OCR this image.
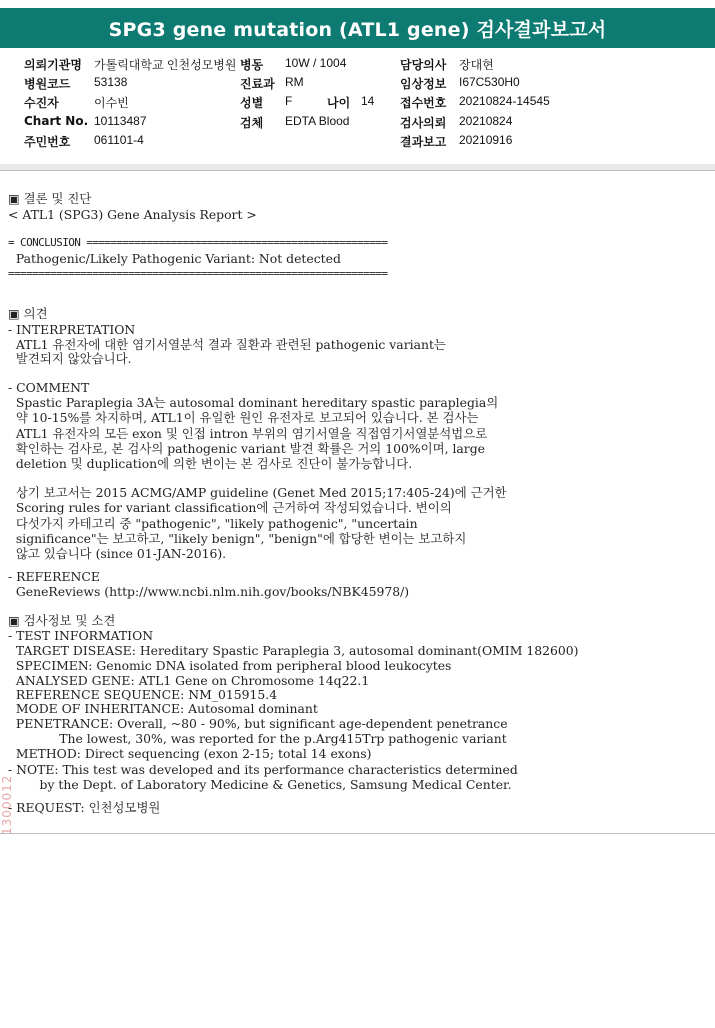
SPG3 gene mutation (ATL1 gene) 검사결과보고서
의뢰기관명 가톨릭대학교 인천성모병원 병동 10W / 1004	담당의사 장대현
병원코드 53138	진료과 RM	임상정보 I67C530H0
수진자	이수빈	성별 F	나이 14 접수번호 20210824-14545
Chart No. 10113487	검체 EDTA Blood	검사의뢰 20210824
주민번호 061101-4	결과보고 20210916
▣ 결론 및 진단
< ATL1 (SPG3) Gene Analysis Report >
= CONCLUSION ==================================================
Pathogenic/Likely Pathogenic Variant: Not detected
===============================================================
▣ 의견
- INTERPRETATION
ATL1 유전자에 대한 염기서열분석 결과 질환과 관련된 pathogenic variant는
발견되지 않았습니다.
- COMMENT
Spastic Paraplegia 3A는 autosomal dominant hereditary spastic paraplegia의
약 10-15%를 차지하며, ATL1이 유일한 원인 유전자로 보고되어 있습니다. 본 검사는
ATL1 유전자의 모든 exon 및 인접 intron 부위의 염기서열을 직접염기서열분석법으로
확인하는 검사로, 본 검사의 pathogenic variant 발견 확률은 거의 100%이며, large
deletion 및 duplication에 의한 변이는 본 검사로 진단이 불가능합니다.
상기 보고서는 2015 ACMG/AMP guideline (Genet Med 2015;17:405-24)에 근거한
Scoring rules for variant classification에 근거하여 작성되었습니다. 변이의
다섯가지 카테고리 중 "pathogenic", "likely pathogenic", "uncertain
significance"는 보고하고, "likely benign", "benign"에 합당한 변이는 보고하지
않고 있습니다 (since 01-JAN-2016).
- REFERENCE
GeneReviews (http://www.ncbi.nlm.nih.gov/books/NBK45978/)
▣ 검사정보 및 소견
- TEST INFORMATION
TARGET DISEASE: Hereditary Spastic Paraplegia 3, autosomal dominant(OMIM 182600)
SPECIMEN: Genomic DNA isolated from peripheral blood leukocytes
ANALYSED GENE: ATL1 Gene on Chromosome 14q22.1
REFERENCE SEQUENCE: NM_015915.4
MODE OF INHERITANCE: Autosomal dominant
PENETRANCE: Overall, ~80 - 90%, but significant age-dependent penetrance
The lowest, 30%, was reported for the p.Arg415Trp pathogenic variant
METHOD: Direct sequencing (exon 2-15; total 14 exons)
- NOTE: This test was developed and its performance characteristics determined
by the Dept. of Laboratory Medicine & Genetics, Samsung Medical Center.
- REQUEST: 인천성모병원
1300012
